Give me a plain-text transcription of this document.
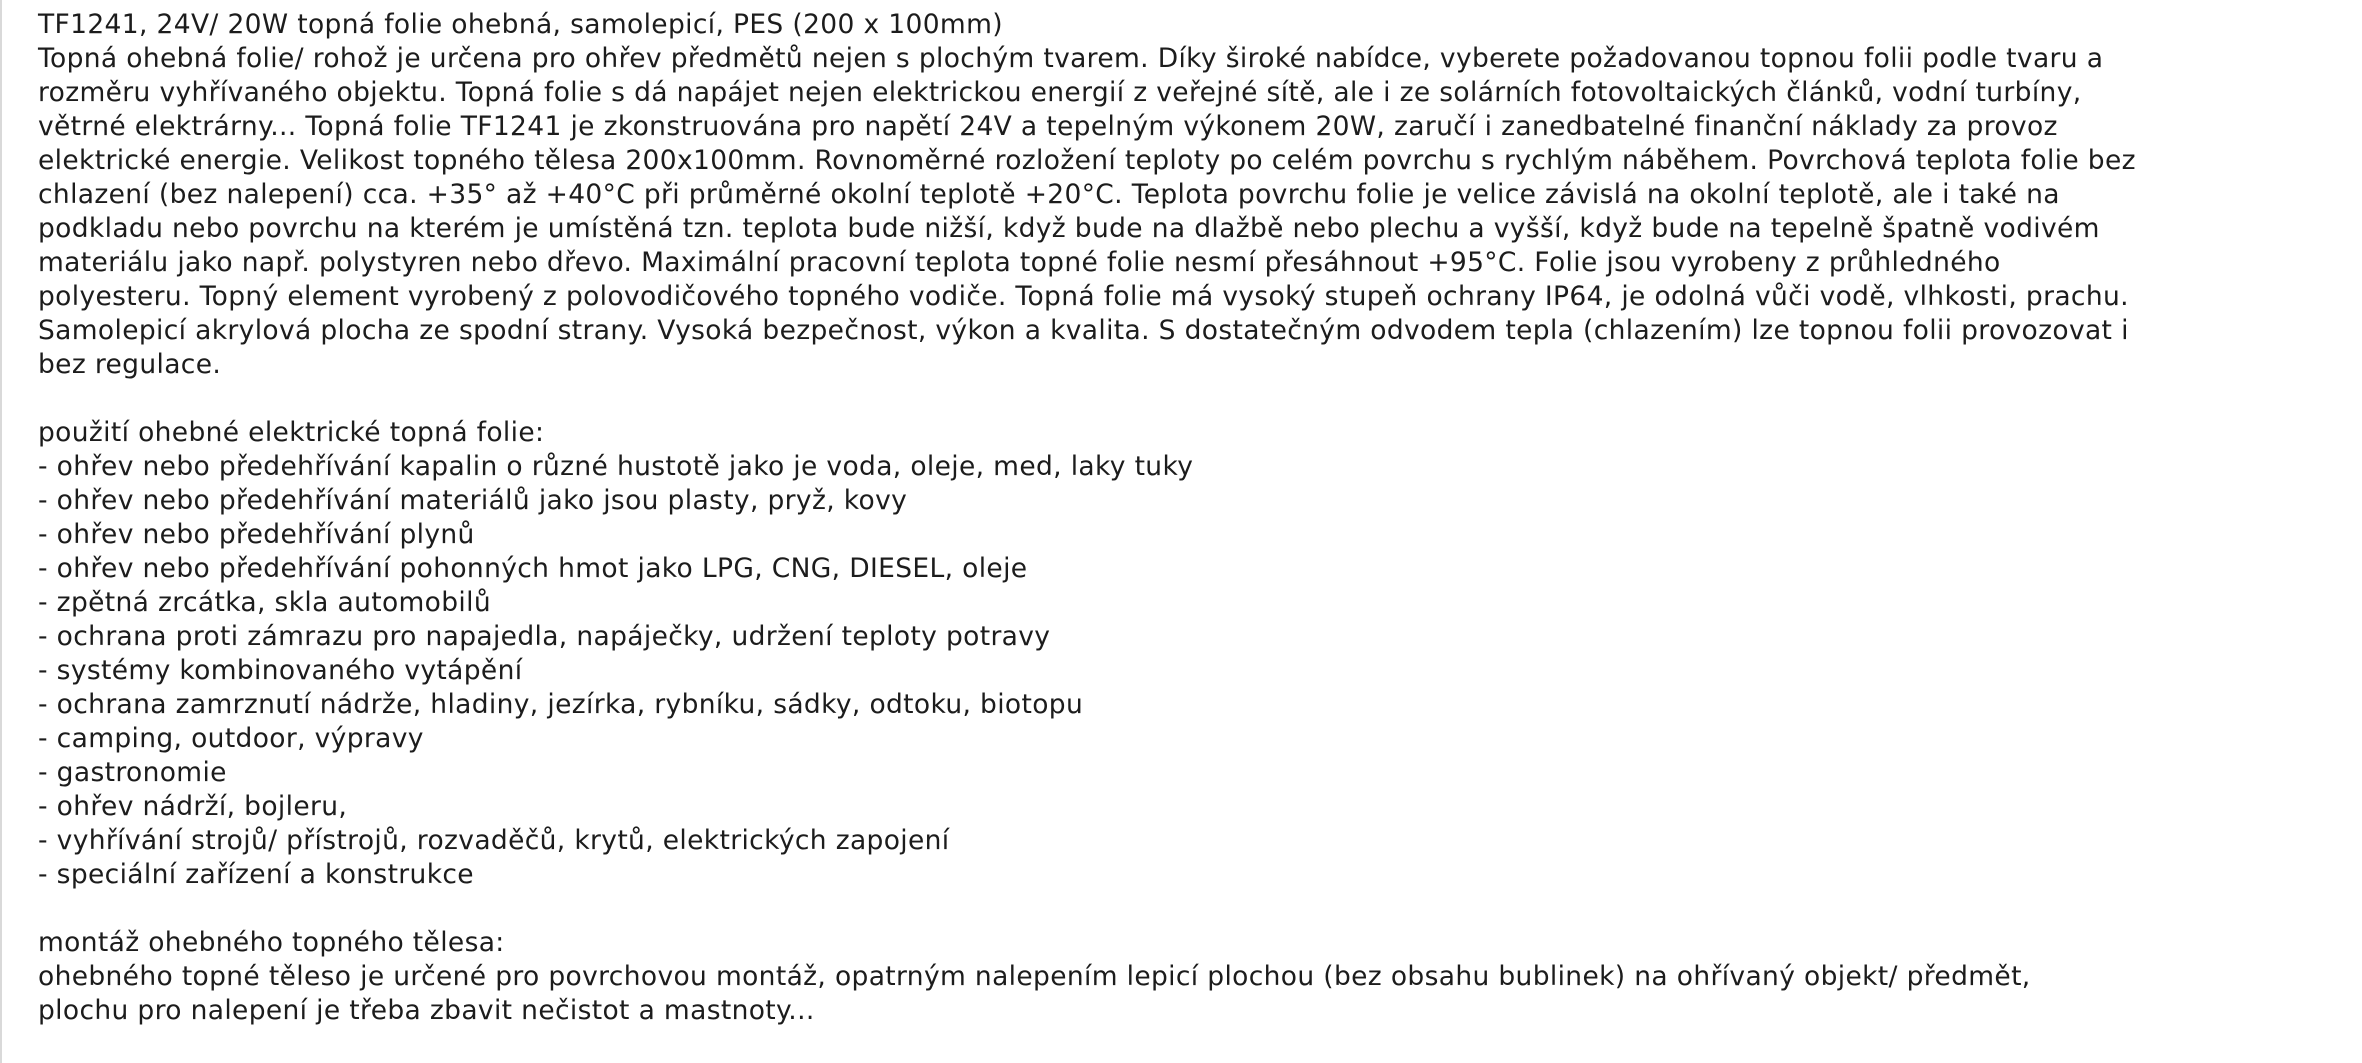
TF1241, 24V/ 20W topná folie ohebná, samolepicí, PES (200 x 100mm)
Topná ohebná folie/ rohož je určena pro ohřev předmětů nejen s plochým tvarem. Díky široké nabídce, vyberete požadovanou topnou folii podle tvaru a
rozměru vyhřívaného objektu. Topná folie s dá napájet nejen elektrickou energií z veřejné sítě, ale i ze solárních fotovoltaických článků, vodní turbíny,
větrné elektrárny... Topná folie TF1241 je zkonstruována pro napětí 24V a tepelným výkonem 20W, zaručí i zanedbatelné finanční náklady za provoz
elektrické energie. Velikost topného tělesa 200x100mm. Rovnoměrné rozložení teploty po celém povrchu s rychlým náběhem. Povrchová teplota folie bez
chlazení (bez nalepení) cca. +35° až +40°C při průměrné okolní teplotě +20°C. Teplota povrchu folie je velice závislá na okolní teplotě, ale i také na
podkladu nebo povrchu na kterém je umístěná tzn. teplota bude nižší, když bude na dlažbě nebo plechu a vyšší, když bude na tepelně špatně vodivém
materiálu jako např. polystyren nebo dřevo. Maximální pracovní teplota topné folie nesmí přesáhnout +95°C. Folie jsou vyrobeny z průhledného
polyesteru. Topný element vyrobený z polovodičového topného vodiče. Topná folie má vysoký stupeň ochrany IP64, je odolná vůči vodě, vlhkosti, prachu.
Samolepicí akrylová plocha ze spodní strany. Vysoká bezpečnost, výkon a kvalita. S dostatečným odvodem tepla (chlazením) lze topnou folii provozovat i
bez regulace.
použití ohebné elektrické topná folie:
- ohřev nebo předehřívání kapalin o různé hustotě jako je voda, oleje, med, laky tuky
- ohřev nebo předehřívání materiálů jako jsou plasty, pryž, kovy
- ohřev nebo předehřívání plynů
- ohřev nebo předehřívání pohonných hmot jako LPG, CNG, DIESEL, oleje
- zpětná zrcátka, skla automobilů
- ochrana proti zámrazu pro napajedla, napáječky, udržení teploty potravy
- systémy kombinovaného vytápění
- ochrana zamrznutí nádrže, hladiny, jezírka, rybníku, sádky, odtoku, biotopu
- camping, outdoor, výpravy
- gastronomie
- ohřev nádrží, bojleru,
- vyhřívání strojů/ přístrojů, rozvaděčů, krytů, elektrických zapojení
- speciální zařízení a konstrukce
montáž ohebného topného tělesa:
ohebného topné těleso je určené pro povrchovou montáž, opatrným nalepením lepicí plochou (bez obsahu bublinek) na ohřívaný objekt/ předmět,
plochu pro nalepení je třeba zbavit nečistot a mastnoty...
